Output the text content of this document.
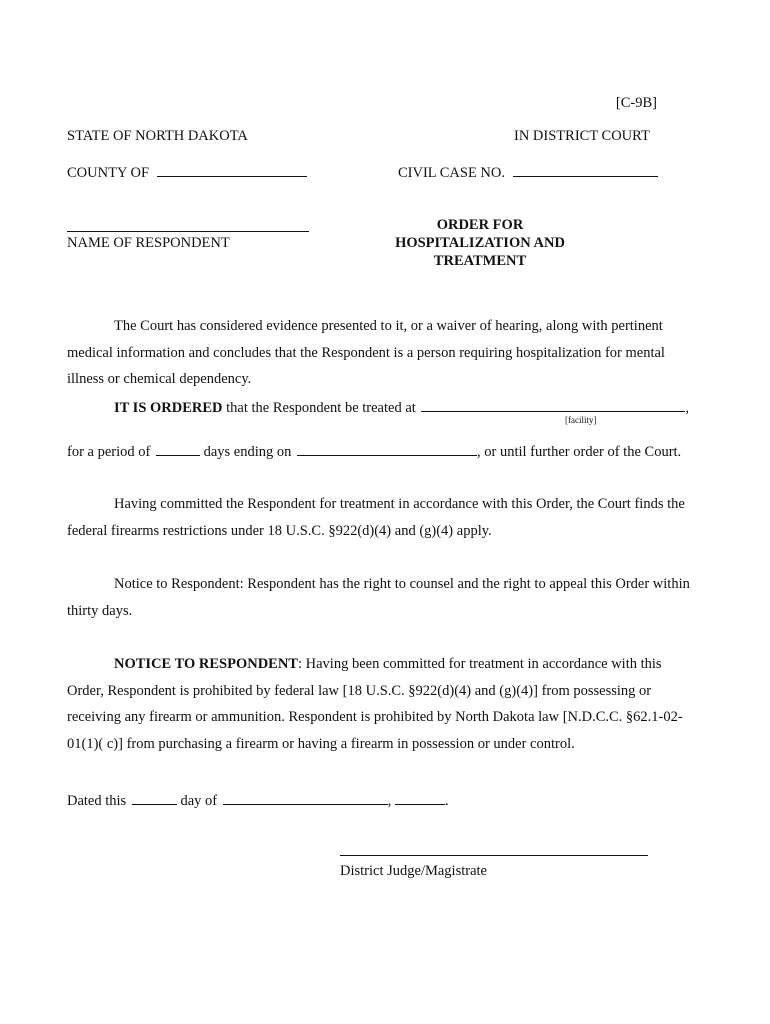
[C-9B]
STATE OF NORTH DAKOTA	IN DISTRICT COURT
COUNTY OF	CIVIL CASE NO.
NAME OF RESPONDENT
ORDER FOR
HOSPITALIZATION AND
TREATMENT
The Court has considered evidence presented to it, or a waiver of hearing, along with pertinent medical information and concludes that the Respondent is a person requiring hospitalization for mental illness or chemical dependency.
IT IS ORDERED that the Respondent be treated at	,
[facility]
for a period of	days ending on	, or until further order of the Court.
Having committed the Respondent for treatment in accordance with this Order, the Court finds the federal firearms restrictions under 18 U.S.C. §922(d)(4) and (g)(4) apply.
Notice to Respondent: Respondent has the right to counsel and the right to appeal this Order within thirty days.
NOTICE TO RESPONDENT: Having been committed for treatment in accordance with this Order, Respondent is prohibited by federal law [18 U.S.C. §922(d)(4) and (g)(4)] from possessing or receiving any firearm or ammunition. Respondent is prohibited by North Dakota law [N.D.C.C. §62.1-02-01(1)( c)] from purchasing a firearm or having a firearm in possession or under control.
Dated this	day of	,	.
District Judge/Magistrate
